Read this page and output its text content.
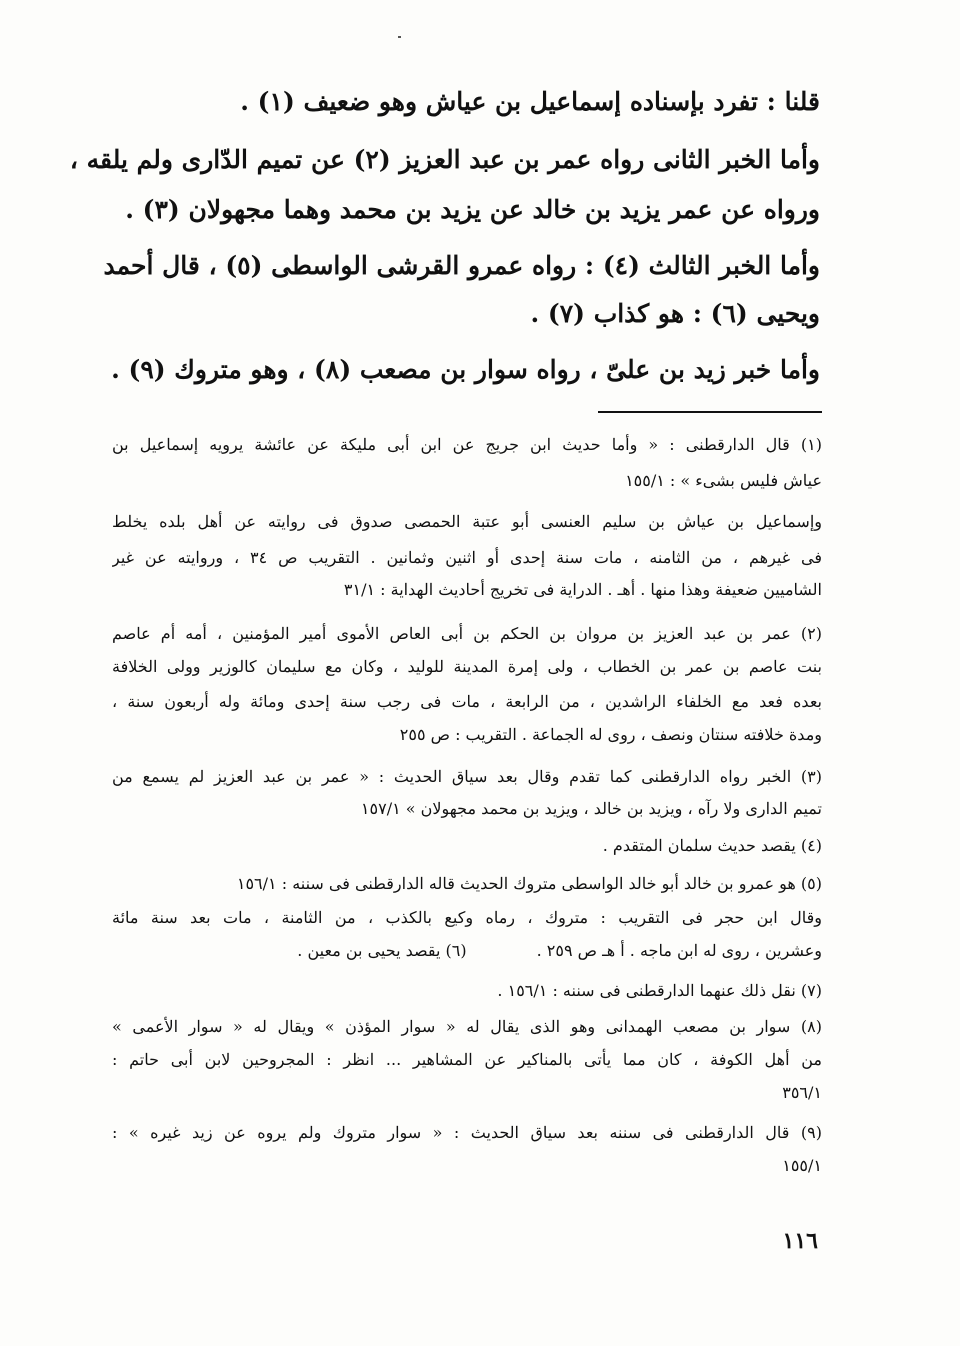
قلنا : تفرد بإسناده إسماعيل بن عياش وهو ضعيف (١) .
وأما الخبر الثانى رواه عمر بن عبد العزيز (٢) عن تميم الدّارى ولم يلقه ،
ورواه عن عمر يزيد بن خالد عن يزيد بن محمد وهما مجهولان (٣) .
وأما الخبر الثالث (٤) : رواه عمرو القرشى الواسطى (٥) ، قال أحمد
ويحيى (٦) : هو كذاب (٧) .
وأما خبر زيد بن علىّ ، رواه سوار بن مصعب (٨) ، وهو متروك (٩) .
(١) قال الدارقطنى : « وأما حديث ابن جريج عن ابن أبى مليكة عن عائشة يرويه إسماعيل بن
عياش فليس بشىء » : ١٥٥/١
وإسماعيل بن عياش بن سليم العنسى أبو عتبة الحمصى صدوق فى روايته عن أهل بلده يخلط
فى غيرهم ، من الثامنه ، مات سنة إحدى أو اثنين وثمانين . التقريب ص ٣٤ ، وروايته عن غير
الشاميين ضعيفة وهذا منها . أهـ . الدراية فى تخريج أحاديث الهداية : ٣١/١
(٢) عمر بن عبد العزيز بن مروان بن الحكم بن أبى العاص الأموى أمير المؤمنين ، أمه أم عاصم
بنت عاصم بن عمر بن الخطاب ، ولى إمرة المدينة للوليد ، وكان مع سليمان كالوزير وولى الخلافة
بعده فعد مع الخلفاء الراشدين ، من الرابعة ، مات فى رجب سنة إحدى ومائة وله أربعون سنة ،
ومدة خلافته سنتان ونصف ، روى له الجماعة . التقريب : ص ٢٥٥
(٣) الخبر رواه الدارقطنى كما تقدم وقال بعد سياق الحديث : « عمر بن عبد العزيز لم يسمع من
تميم الدارى ولا رآه ، ويزيد بن خالد ، ويزيد بن محمد مجهولان » ١٥٧/١
(٤) يقصد حديث سلمان المتقدم .
(٥) هو عمرو بن خالد أبو خالد الواسطى متروك الحديث قاله الدارقطنى فى سننه : ١٥٦/١
وقال ابن حجر فى التقريب : متروك ، رماه وكيع بالكذب ، من الثامنة ، مات بعد سنة مائة
وعشرين ، روى له ابن ماجه . أ هـ ص ٢٥٩ .(٦) يقصد يحيى بن معين .
(٧) نقل ذلك عنهما الدارقطنى فى سننه : ١٥٦/١ .
(٨) سوار بن مصعب الهمدانى وهو الذى يقال له « سوار المؤذن » ويقال له « سوار الأعمى »
من أهل الكوفة ، كان مما يأتى بالمناكير عن المشاهير ... انظر : المجروحين لابن أبى حاتم :
٣٥٦/١
(٩) قال الدارقطنى فى سننه بعد سياق الحديث : « سوار متروك ولم يروه عن زيد غيره » :
١٥٥/١
١١٦
